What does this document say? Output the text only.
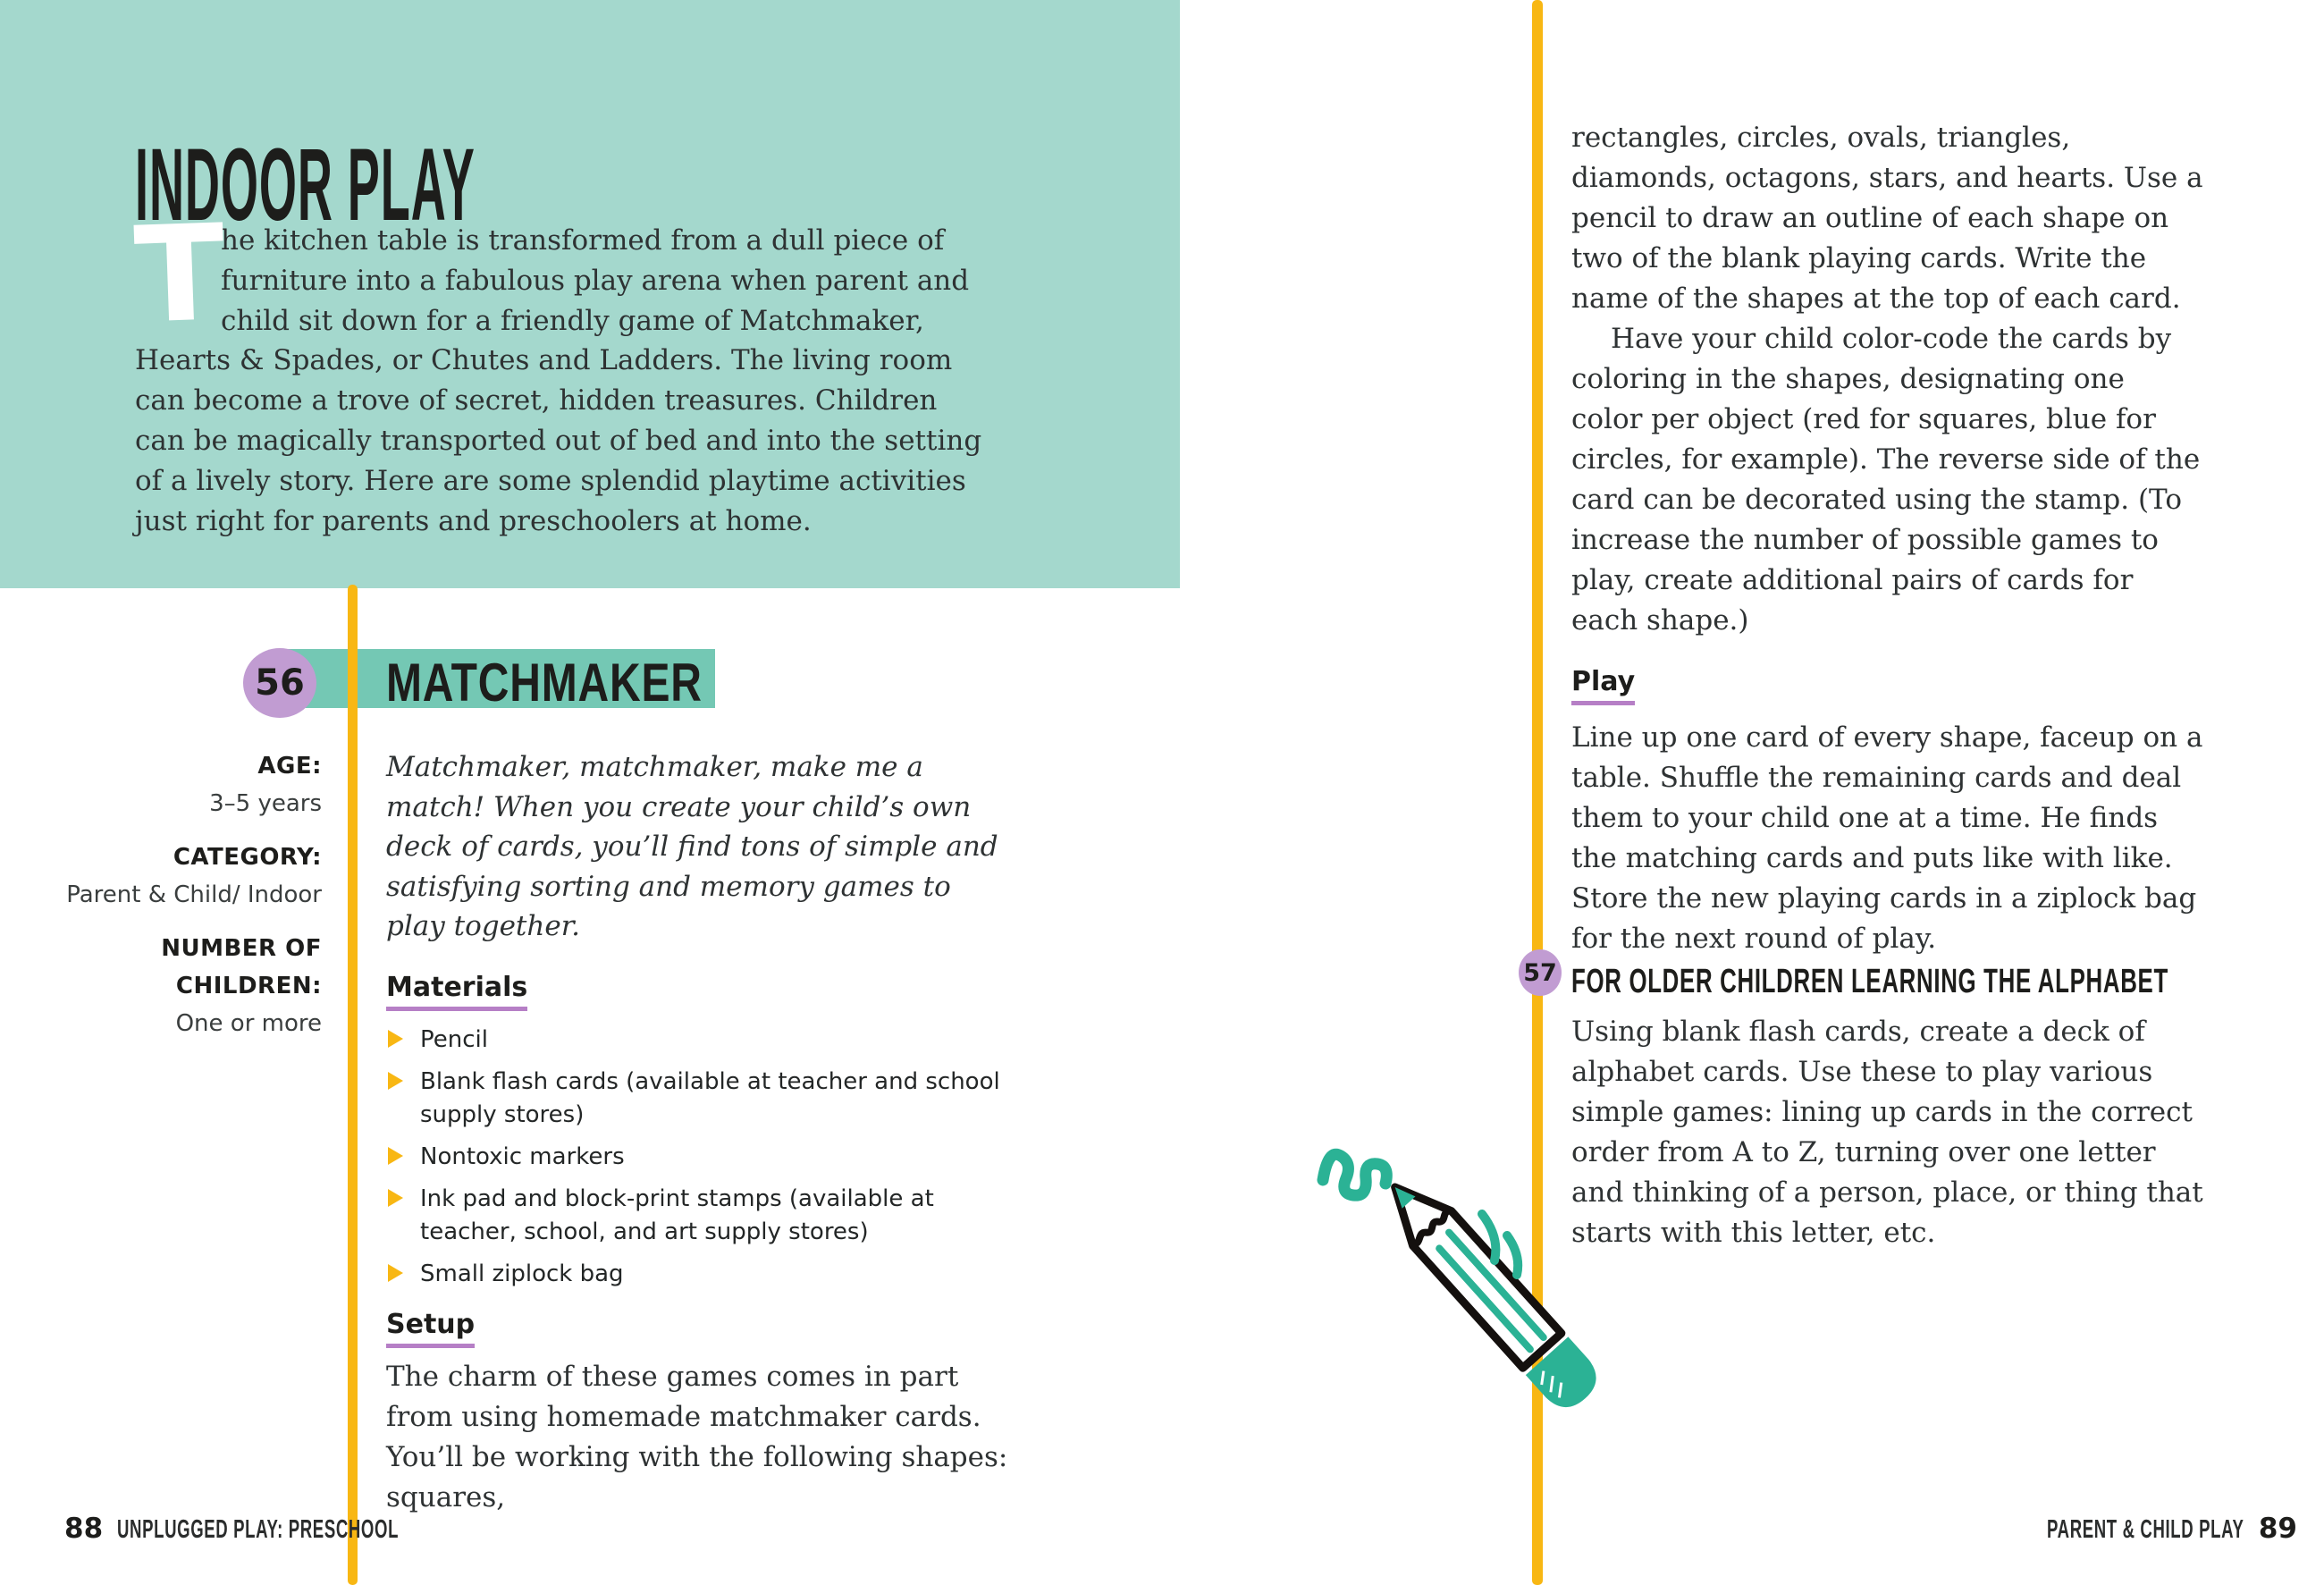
INDOOR PLAY
T
he kitchen table is transformed from a dull piece of furniture into a fabulous play arena when parent and child sit down for a friendly game of Matchmaker, Hearts & Spades, or Chutes and Ladders. The living room can become a trove of secret, hidden treasures. Children can be magically transported out of bed and into the setting of a lively story. Here are some splendid playtime activities just right for parents and preschoolers at home.
56 MATCHMAKER
AGE:
3–5 years
CATEGORY:
Parent & Child/ Indoor
NUMBER OF CHILDREN:
One or more

Matchmaker, matchmaker, make me a match! When you create your child’s own deck of cards, you’ll find tons of simple and satisfying sorting and memory games to play together.

Materials
Pencil
Blank flash cards (available at teacher and school supply stores)
Nontoxic markers
Ink pad and block-print stamps (available at teacher, school, and art supply stores)
Small ziplock bag
Setup

The charm of these games comes in part from using homemade matchmaker cards. You’ll be working with the following shapes: squares,

88 UNPLUGGED PLAY: PRESCHOOL

rectangles, circles, ovals, triangles, diamonds, octagons, stars, and hearts. Use a pencil to draw an outline of each shape on two of the blank playing cards. Write the name of the shapes at the top of each card.

Have your child color-code the cards by coloring in the shapes, designating one color per object (red for squares, blue for circles, for example). The reverse side of the card can be decorated using the stamp. (To increase the number of possible games to play, create additional pairs of cards for each shape.)

Play

Line up one card of every shape, faceup on a table. Shuffle the remaining cards and deal them to your child one at a time. He finds the matching cards and puts like with like. Store the new playing cards in a ziplock bag for the next round of play.

57 FOR OLDER CHILDREN LEARNING THE ALPHABET

Using blank flash cards, create a deck of alphabet cards. Use these to play various simple games: lining up cards in the correct order from A to Z, turning over one letter and thinking of a person, place, or thing that starts with this letter, etc.

PARENT & CHILD PLAY 89
